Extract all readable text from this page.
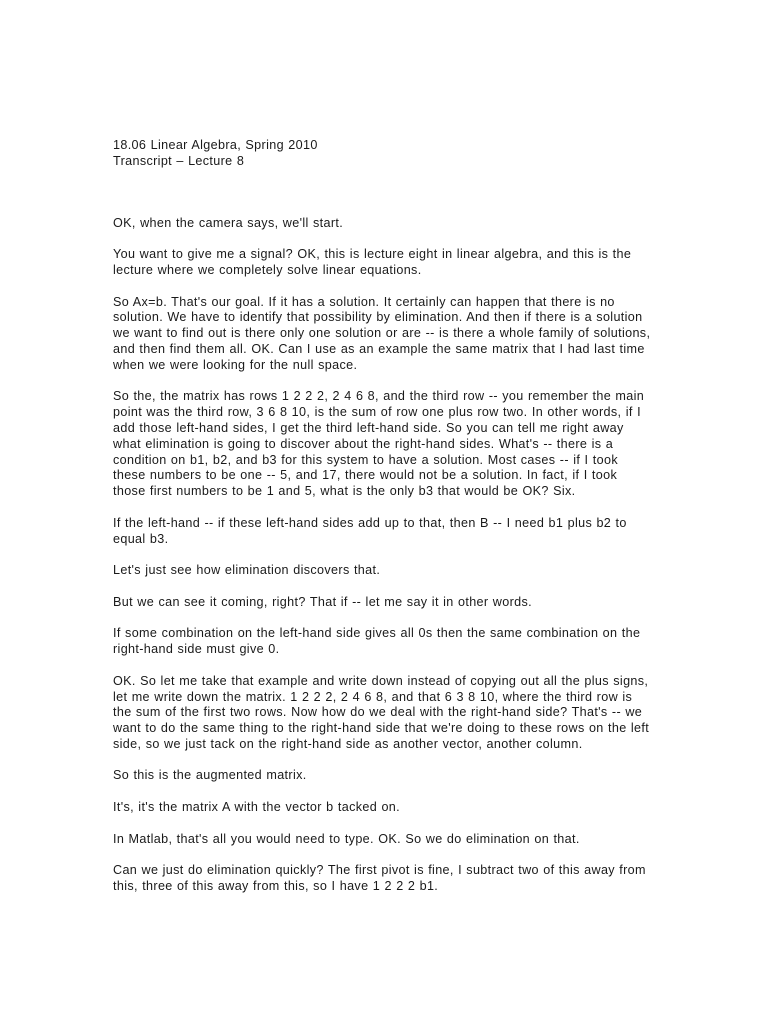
18.06 Linear Algebra, Spring 2010

Transcript – Lecture 8

OK, when the camera says, we'll start.

You want to give me a signal? OK, this is lecture eight in linear algebra, and this is the lecture where we completely solve linear equations.

So Ax=b. That's our goal. If it has a solution. It certainly can happen that there is no solution. We have to identify that possibility by elimination. And then if there is a solution we want to find out is there only one solution or are -- is there a whole family of solutions, and then find them all. OK. Can I use as an example the same matrix that I had last time when we were looking for the null space.

So the, the matrix has rows 1 2 2 2, 2 4 6 8, and the third row -- you remember the main point was the third row, 3 6 8 10, is the sum of row one plus row two. In other words, if I add those left-hand sides, I get the third left-hand side. So you can tell me right away what elimination is going to discover about the right-hand sides. What's -- there is a condition on b1, b2, and b3 for this system to have a solution. Most cases -- if I took these numbers to be one -- 5, and 17, there would not be a solution. In fact, if I took those first numbers to be 1 and 5, what is the only b3 that would be OK? Six.

If the left-hand -- if these left-hand sides add up to that, then B -- I need b1 plus b2 to equal b3.

Let's just see how elimination discovers that.

But we can see it coming, right? That if -- let me say it in other words.

If some combination on the left-hand side gives all 0s then the same combination on the right-hand side must give 0.

OK. So let me take that example and write down instead of copying out all the plus signs, let me write down the matrix. 1 2 2 2, 2 4 6 8, and that 6 3 8 10, where the third row is the sum of the first two rows. Now how do we deal with the right-hand side? That's -- we want to do the same thing to the right-hand side that we're doing to these rows on the left side, so we just tack on the right-hand side as another vector, another column.

So this is the augmented matrix.

It's, it's the matrix A with the vector b tacked on.

In Matlab, that's all you would need to type. OK. So we do elimination on that.

Can we just do elimination quickly? The first pivot is fine, I subtract two of this away from this, three of this away from this, so I have 1 2 2 2 b1.
